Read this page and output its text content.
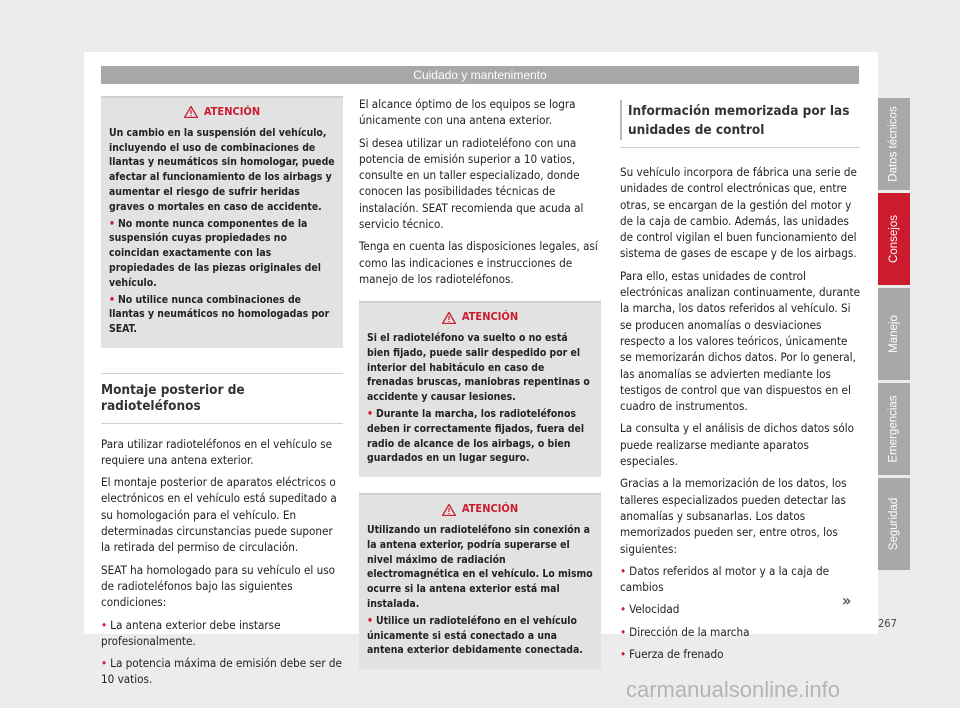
Cuidado y mantenimento
ATENCIÓN

Un cambio en la suspensión del vehículo, incluyendo el uso de combinaciones de llantas y neumáticos sin homologar, puede afectar al funcionamiento de los airbags y aumentar el riesgo de sufrir heridas graves o mortales en caso de accidente.

• No monte nunca componentes de la suspensión cuyas propiedades no coincidan exactamente con las propiedades de las piezas originales del vehículo.

• No utilice nunca combinaciones de llantas y neumáticos no homologadas por SEAT.

Montaje posterior de radioteléfonos

Para utilizar radioteléfonos en el vehículo se requiere una antena exterior.

El montaje posterior de aparatos eléctricos o electrónicos en el vehículo está supeditado a su homologación para el vehículo. En determinadas circunstancias puede suponer la retirada del permiso de circulación.

SEAT ha homologado para su vehículo el uso de radioteléfonos bajo las siguientes condiciones:

• La antena exterior debe instarse profesionalmente.

• La potencia máxima de emisión debe ser de 10 vatios.

El alcance óptimo de los equipos se logra únicamente con una antena exterior.

Si desea utilizar un radioteléfono con una potencia de emisión superior a 10 vatios, consulte en un taller especializado, donde conocen las posibilidades técnicas de instalación. SEAT recomienda que acuda al servicio técnico.

Tenga en cuenta las disposiciones legales, así como las indicaciones e instrucciones de manejo de los radioteléfonos.

ATENCIÓN

Si el radioteléfono va suelto o no está bien fijado, puede salir despedido por el interior del habitáculo en caso de frenadas bruscas, maniobras repentinas o accidente y causar lesiones.

• Durante la marcha, los radioteléfonos deben ir correctamente fijados, fuera del radio de alcance de los airbags, o bien guardados en un lugar seguro.

ATENCIÓN

Utilizando un radioteléfono sin conexión a la antena exterior, podría superarse el nivel máximo de radiación electromagnética en el vehículo. Lo mismo ocurre si la antena exterior está mal instalada.

• Utilice un radioteléfono en el vehículo únicamente si está conectado a una antena exterior debidamente conectada.

Información memorizada por las unidades de control

Su vehículo incorpora de fábrica una serie de unidades de control electrónicas que, entre otras, se encargan de la gestión del motor y de la caja de cambio. Además, las unidades de control vigilan el buen funcionamiento del sistema de gases de escape y de los airbags.

Para ello, estas unidades de control electrónicas analizan continuamente, durante la marcha, los datos referidos al vehículo. Si se producen anomalías o desviaciones respecto a los valores teóricos, únicamente se memorizarán dichos datos. Por lo general, las anomalías se advierten mediante los testigos de control que van dispuestos en el cuadro de instrumentos.

La consulta y el análisis de dichos datos sólo puede realizarse mediante aparatos especiales.

Gracias a la memorización de los datos, los talleres especializados pueden detectar las anomalías y subsanarlas. Los datos memorizados pueden ser, entre otros, los siguientes:

• Datos referidos al motor y a la caja de cambios

• Velocidad

• Dirección de la marcha

• Fuerza de frenado

»
Datos técnicos
Consejos
Manejo
Emergencias
Seguridad
267
carmanualsonline.info
